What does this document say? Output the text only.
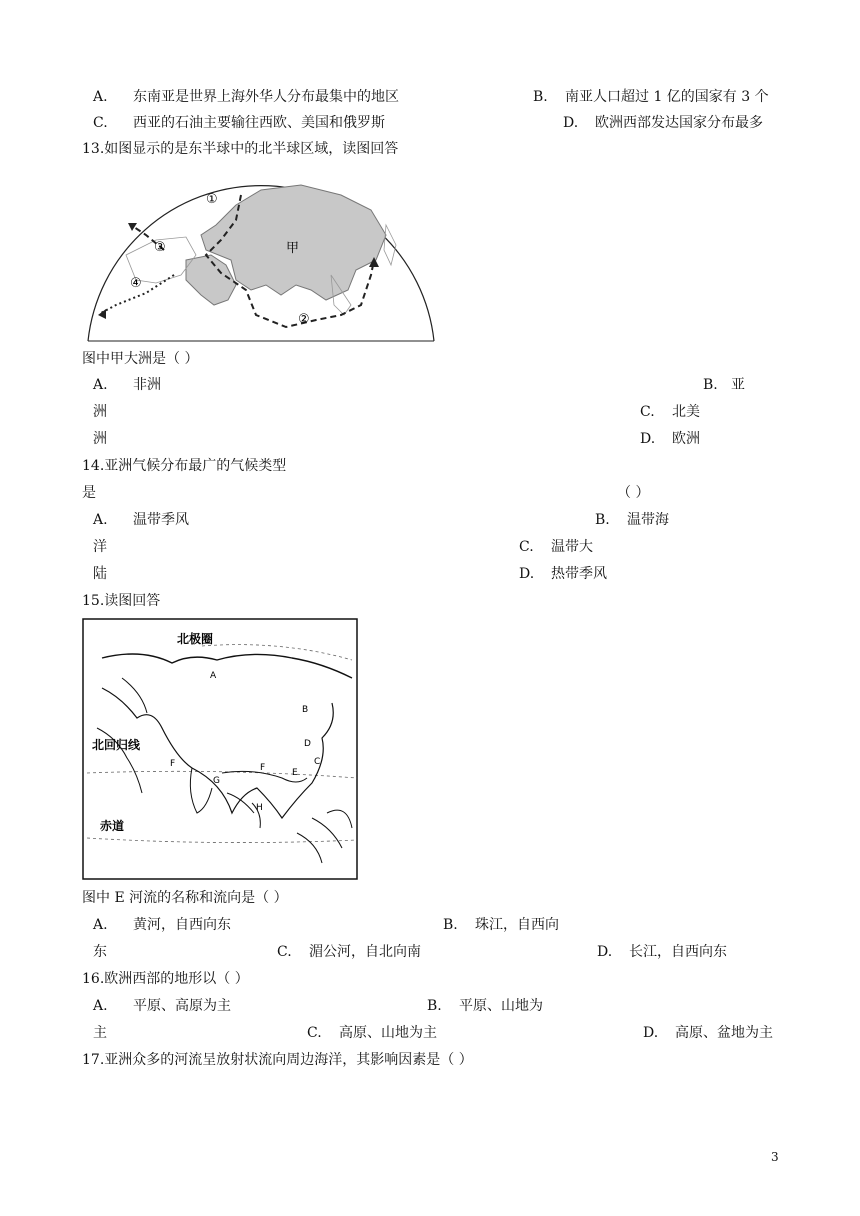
A. 东南亚是世界上海外华人分布最集中的地区	B. 南亚人口超过 1 亿的国家有 3 个
C. 西亚的石油主要输往西欧、美国和俄罗斯	D. 欧洲西部发达国家分布最多
13.如图显示的是东半球中的北半球区域，读图回答
甲
①
②
③
④
图中甲大洲是（ ）
A. 非洲	B. 亚
洲	C. 北美
洲	D. 欧洲
14.亚洲气候分布最广的气候类型
是	（ ）
A. 温带季风	B. 温带海
洋	C. 温带大
陆	D. 热带季风
15.读图回答
北极圈
北回归线
赤道
A
B
C
D
E
F
G
H
F
图中 E 河流的名称和流向是（ ）
A. 黄河，自西向东	B. 珠江，自西向
东	C. 湄公河，自北向南	D. 长江，自西向东
16.欧洲西部的地形以（ ）
A. 平原、高原为主	B. 平原、山地为
主	C. 高原、山地为主	D. 高原、盆地为主
17.亚洲众多的河流呈放射状流向周边海洋，其影响因素是（ ）
3
